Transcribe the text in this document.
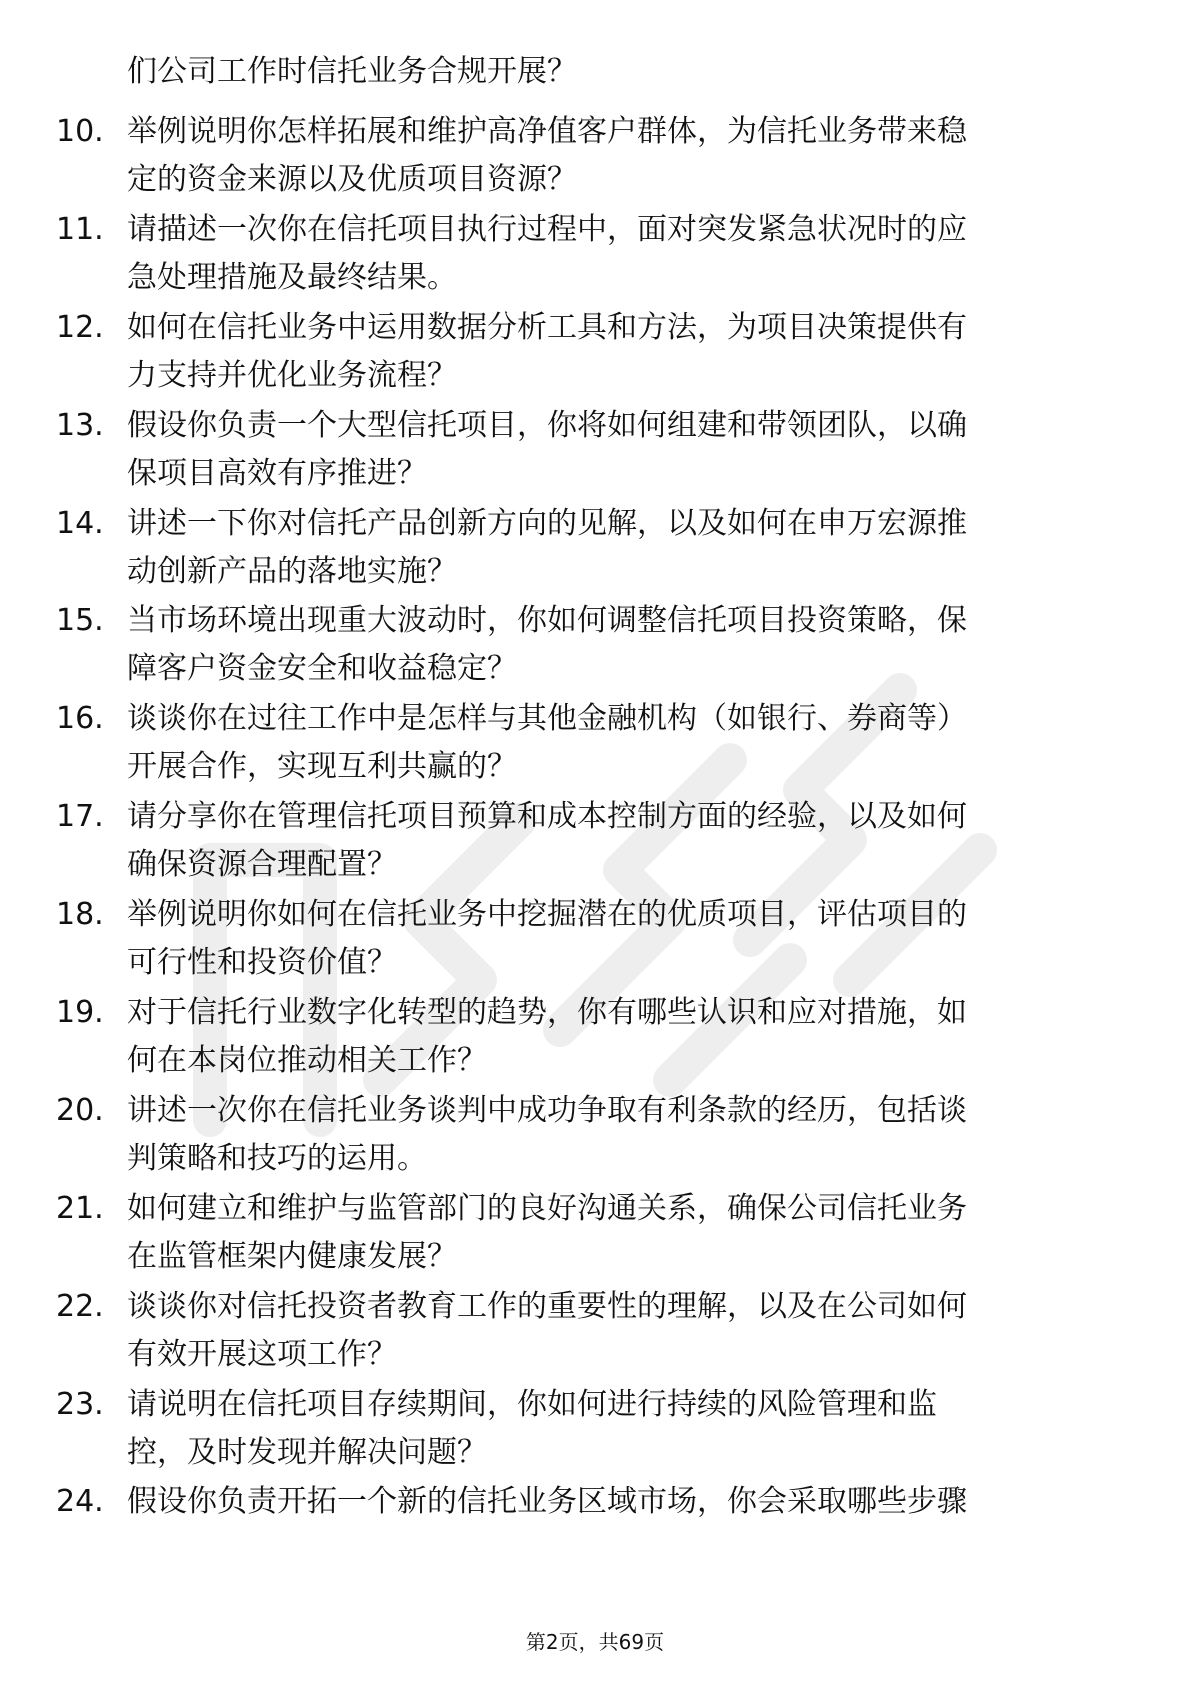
们公司工作时信托业务合规开展？
10. 举例说明你怎样拓展和维护高净值客户群体，为信托业务带来稳
定的资金来源以及优质项目资源？
11. 请描述一次你在信托项目执行过程中，面对突发紧急状况时的应
急处理措施及最终结果。
12. 如何在信托业务中运用数据分析工具和方法，为项目决策提供有
力支持并优化业务流程？
13. 假设你负责一个大型信托项目，你将如何组建和带领团队，以确
保项目高效有序推进？
14. 讲述一下你对信托产品创新方向的见解，以及如何在申万宏源推
动创新产品的落地实施？
15. 当市场环境出现重大波动时，你如何调整信托项目投资策略，保
障客户资金安全和收益稳定？
16. 谈谈你在过往工作中是怎样与其他金融机构（如银行、券商等）
开展合作，实现互利共赢的？
17. 请分享你在管理信托项目预算和成本控制方面的经验，以及如何
确保资源合理配置？
18. 举例说明你如何在信托业务中挖掘潜在的优质项目，评估项目的
可行性和投资价值？
19. 对于信托行业数字化转型的趋势，你有哪些认识和应对措施，如
何在本岗位推动相关工作？
20. 讲述一次你在信托业务谈判中成功争取有利条款的经历，包括谈
判策略和技巧的运用。
21. 如何建立和维护与监管部门的良好沟通关系，确保公司信托业务
在监管框架内健康发展？
22. 谈谈你对信托投资者教育工作的重要性的理解，以及在公司如何
有效开展这项工作？
23. 请说明在信托项目存续期间，你如何进行持续的风险管理和监
控，及时发现并解决问题？
24. 假设你负责开拓一个新的信托业务区域市场，你会采取哪些步骤
第2页，共69页
